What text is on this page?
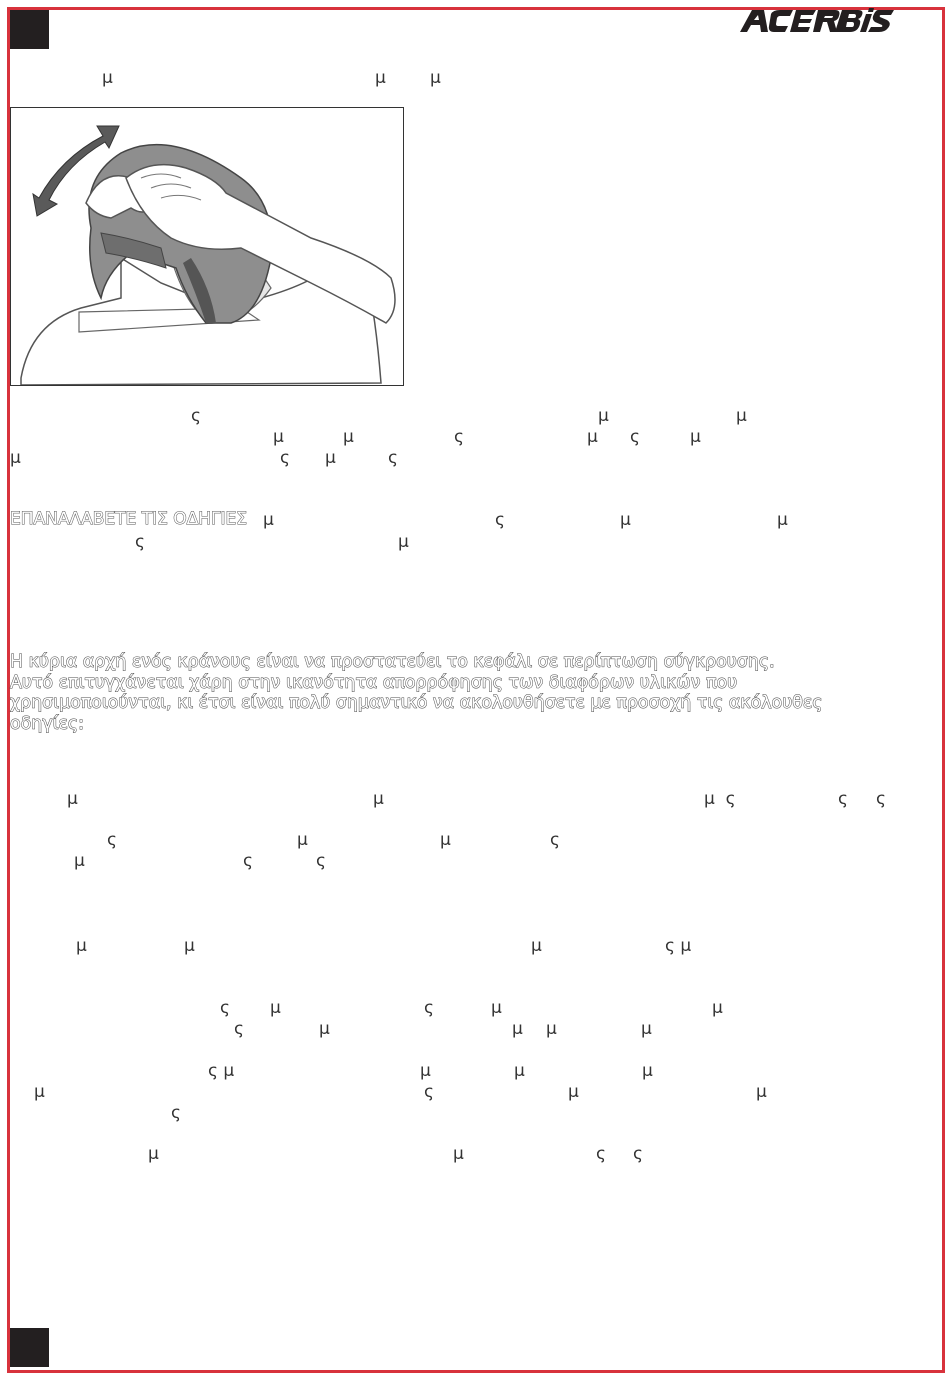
μ	μ	μ
ς	μ	μ
μ	μ	ς	μ ς	μ
μ	ς μ	ς
ΕΠΑΝΑΛΑΒΕΤΕ ΤΙΣ ΟΔΗΓΙΕΣ μ	ς	μ	μ
ς	μ
Η κύρια αρχή ενός κράνους είναι να προστατεύει το κεφάλι σε περίπτωση σύγκρουσης.
Αυτό επιτυγχάνεται χάρη στην ικανότητα απορρόφησης των διαφόρων υλικών που
χρησιμοποιούνται, κι έτσι είναι πολύ σημαντικό να ακολουθήσετε με προσοχή τις ακόλουθες
οδηγίες:
μ	μ	μ  ς	ς ς
ς	μ	μ	ς
μ	ς	ς
μ	μ	μ	ς μ
ς μ	ς	μ	μ
ς	μ	μ μ	μ
ς μ	μ	μ	μ
μ	ς	μ	μ
ς
μ	μ	ς ς
